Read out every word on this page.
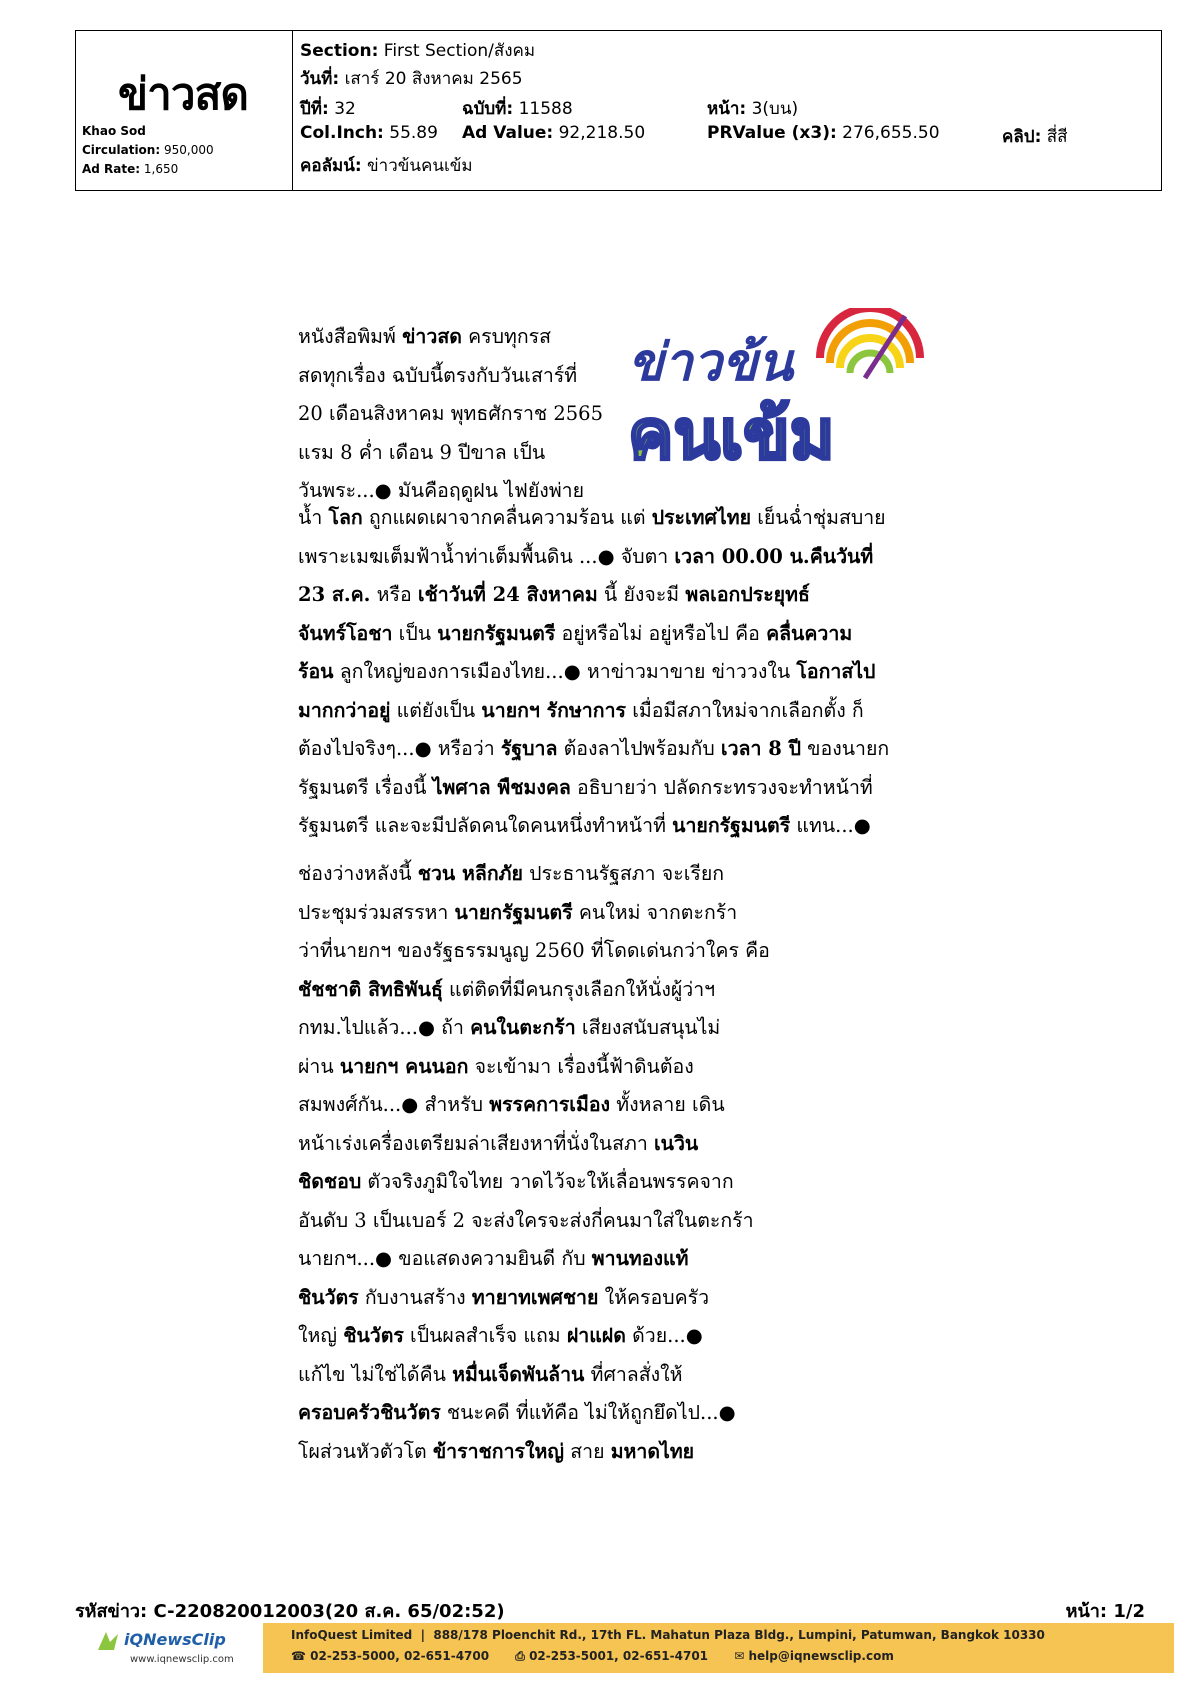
ข่าวสด
Khao Sod
Circulation: 950,000
Ad Rate: 1,650
Section: First Section/สังคม
วันที่: เสาร์ 20 สิงหาคม 2565
ปีที่: 32	ฉบับที่: 11588	หน้า: 3(บน)
Col.Inch: 55.89 Ad Value: 92,218.50	PRValue (x3): 276,655.50	คลิป: สี่สี
คอลัมน์: ข่าวข้นคนเข้ม
ข่าวข้น
คนเข้ม
หนังสือพิมพ์ ข่าวสด ครบทุกรส
สดทุกเรื่อง ฉบับนี้ตรงกับวันเสาร์ที่
20 เดือนสิงหาคม พุทธศักราช 2565
แรม 8 ค่ำ เดือน 9 ปีขาล เป็น
วันพระ...● มันคือฤดูฝน ไฟยังพ่าย
น้ำ โลก ถูกแผดเผาจากคลื่นความร้อน แต่ ประเทศไทย เย็นฉ่ำชุ่มสบาย
เพราะเมฆเต็มฟ้าน้ำท่าเต็มพื้นดิน ...● จับตา เวลา 00.00 น.คืนวันที่
23 ส.ค. หรือ เช้าวันที่ 24 สิงหาคม นี้ ยังจะมี พลเอกประยุทธ์
จันทร์โอชา เป็น นายกรัฐมนตรี อยู่หรือไม่ อยู่หรือไป คือ คลื่นความ
ร้อน ลูกใหญ่ของการเมืองไทย...● หาข่าวมาขาย ข่าววงใน โอกาสไป
มากกว่าอยู่ แต่ยังเป็น นายกฯ รักษาการ เมื่อมีสภาใหม่จากเลือกตั้ง ก็
ต้องไปจริงๆ...● หรือว่า รัฐบาล ต้องลาไปพร้อมกับ เวลา 8 ปี ของนายก
รัฐมนตรี เรื่องนี้ ไพศาล พืชมงคล อธิบายว่า ปลัดกระทรวงจะทำหน้าที่
รัฐมนตรี และจะมีปลัดคนใดคนหนึ่งทำหน้าที่ นายกรัฐมนตรี แทน...●
ช่องว่างหลังนี้ ชวน หลีกภัย ประธานรัฐสภา จะเรียก
ประชุมร่วมสรรหา นายกรัฐมนตรี คนใหม่ จากตะกร้า
ว่าที่นายกฯ ของรัฐธรรมนูญ 2560 ที่โดดเด่นกว่าใคร คือ
ชัชชาติ สิทธิพันธุ์ แต่ติดที่มีคนกรุงเลือกให้นั่งผู้ว่าฯ
กทม.ไปแล้ว...● ถ้า คนในตะกร้า เสียงสนับสนุนไม่
ผ่าน นายกฯ คนนอก จะเข้ามา เรื่องนี้ฟ้าดินต้อง
สมพงศ์กัน...● สำหรับ พรรคการเมือง ทั้งหลาย เดิน
หน้าเร่งเครื่องเตรียมล่าเสียงหาที่นั่งในสภา เนวิน
ชิดชอบ ตัวจริงภูมิใจไทย วาดไว้จะให้เลื่อนพรรคจาก
อันดับ 3 เป็นเบอร์ 2 จะส่งใครจะส่งกี่คนมาใส่ในตะกร้า
นายกฯ...● ขอแสดงความยินดี กับ พานทองแท้
ชินวัตร กับงานสร้าง ทายาทเพศชาย ให้ครอบครัว
ใหญ่ ชินวัตร เป็นผลสำเร็จ แถม ฝาแฝด ด้วย...●
แก้ไข ไม่ใช่ได้คืน หมื่นเจ็ดพันล้าน ที่ศาลสั่งให้
ครอบครัวชินวัตร ชนะคดี ที่แท้คือ ไม่ให้ถูกยึดไป...●
โผส่วนหัวตัวโต ข้าราชการใหญ่ สาย มหาดไทย
รหัสข่าว: C-220820012003(20 ส.ค. 65/02:52)	หน้า: 1/2
iQNewsClip
www.iqnewsclip.com
InfoQuest Limited  |  888/178 Ploenchit Rd., 17th FL. Mahatun Plaza Bldg., Lumpini, Patumwan, Bangkok 10330
☎ 02-253-5000, 02-651-4700 ⎙ 02-253-5001, 02-651-4701 ✉ help@iqnewsclip.com
